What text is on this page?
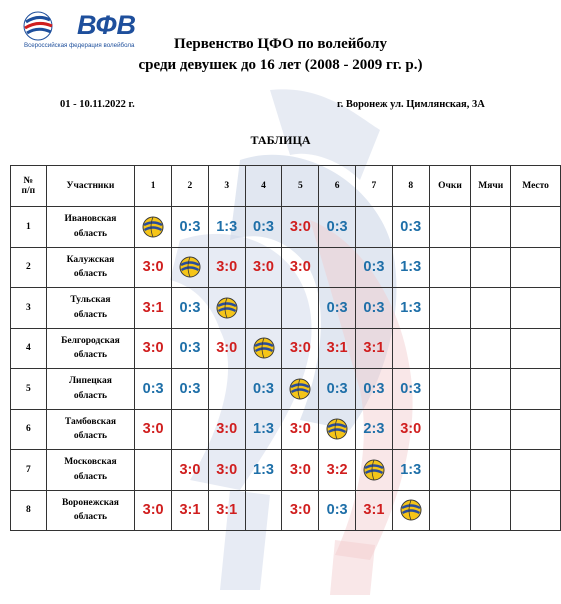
ВФВ
Всероссийская федерация волейбола	Первенство ЦФО по волейболу
среди девушек до 16 лет (2008 - 2009 гг. р.)
01 - 10.11.2022 г.	г. Воронеж ул. Цимлянская, 3А
ТАБЛИЦА
№
п/п	Участники	1	2	3	4	5	6	7	8	Очки	Мячи	Место
1	Ивановская
область		0:3	1:3	0:3	3:0	0:3		0:3			
2	Калужская
область	3:0		3:0	3:0	3:0		0:3	1:3			
3	Тульская
область	3:1	0:3				0:3	0:3	1:3			
4	Белгородская
область	3:0	0:3	3:0		3:0	3:1	3:1				
5	Липецкая
область	0:3	0:3		0:3		0:3	0:3	0:3			
6	Тамбовская
область	3:0		3:0	1:3	3:0		2:3	3:0			
7	Московская
область		3:0	3:0	1:3	3:0	3:2		1:3			
8	Воронежская
область	3:0	3:1	3:1		3:0	0:3	3:1				
